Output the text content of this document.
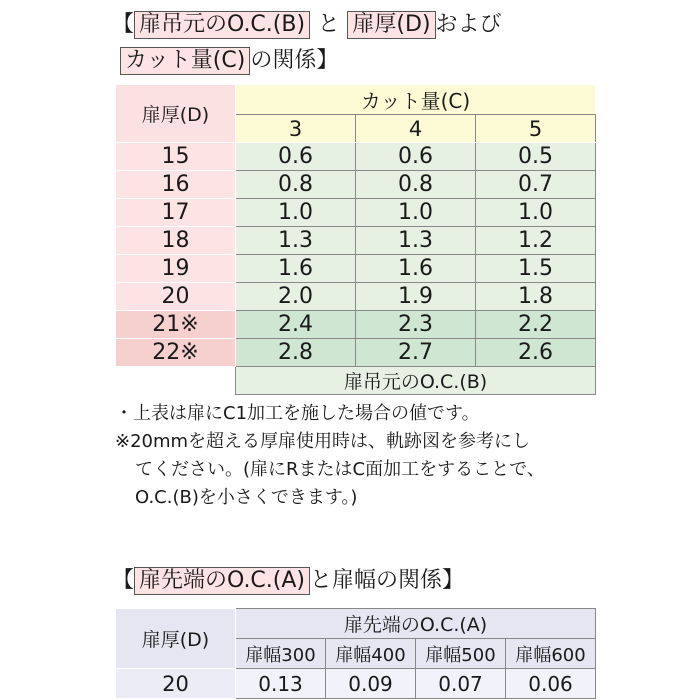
【 扉吊元のO.C.(B) と 扉厚(D) および
カット量(C) の関係】
扉厚(D)	カット量(C)		
	3	4	5
15	0.6	0.6	0.5
16	0.8	0.8	0.7
17	1.0	1.0	1.0
18	1.3	1.3	1.2
19	1.6	1.6	1.5
20	2.0	1.9	1.8
21※	2.4	2.3	2.2
22※	2.8	2.7	2.6
	扉吊元のO.C.(B)		
・上表は扉にC1加工を施した場合の値です。
※20mmを超える厚扉使用時は、軌跡図を参考にし
てください。(扉にRまたはC面加工をすることで、
O.C.(B)を小さくできます。)
【 扉先端のO.C.(A) と扉幅の関係】
扉厚(D)	扉先端のO.C.(A)			
	扉幅300	扉幅400	扉幅500	扉幅600
20	0.13	0.09	0.07	0.06
